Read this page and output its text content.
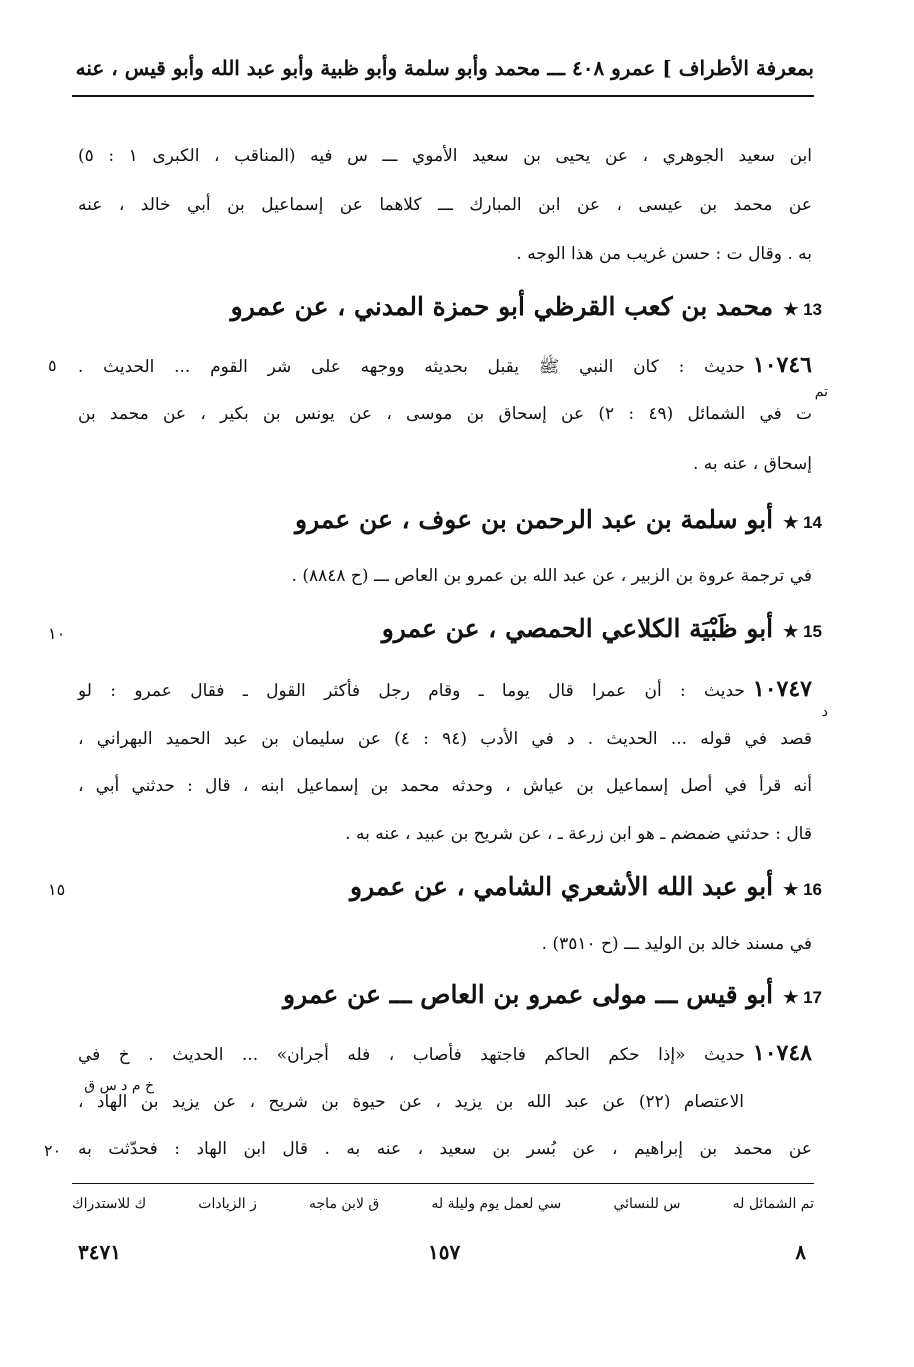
بمعرفة الأطراف ] عمرو ٤٠٨ ـــ محمد وأبو سلمة وأبو ظبية وأبو عبد الله وأبو قيس ، عنه
ابن سعيد الجوهري ، عن يحيى بن سعيد الأموي ـــ س فيه (المناقب ، الكبرى ١ : ٥)
عن محمد بن عيسى ، عن ابن المبارك ـــ كلاهما عن إسماعيل بن أبي خالد ، عنه
به . وقال ت : حسن غريب من هذا الوجه .
13 ★محمد بن كعب القرظي أبو حمزة المدني ، عن عمرو
١٠٧٤٦حديث : كان النبي ﷺ يقبل بحديثه ووجهه على شر القوم ... الحديث .
تم
٥
ت في الشمائل (٤٩ : ٢) عن إسحاق بن موسى ، عن يونس بن بكير ، عن محمد بن
إسحاق ، عنه به .
14 ★أبو سلمة بن عبد الرحمن بن عوف ، عن عمرو
في ترجمة عروة بن الزبير ، عن عبد الله بن عمرو بن العاص ـــ (ح ٨٨٤٨) .
15 ★أبو ظَبْيَة الكلاعي الحمصي ، عن عمرو
١٠
١٠٧٤٧حديث : أن عمرا قال يوما ـ وقام رجل فأكثر القول ـ فقال عمرو : لو
د
قصد في قوله ... الحديث . د في الأدب (٩٤ : ٤) عن سليمان بن عبد الحميد البهراني ،
أنه قرأ في أصل إسماعيل بن عياش ، وحدثه محمد بن إسماعيل ابنه ، قال : حدثني أبي ،
قال : حدثني ضمضم ـ هو ابن زرعة ـ ، عن شريح بن عبيد ، عنه به .
16 ★أبو عبد الله الأشعري الشامي ، عن عمرو
١٥
في مسند خالد بن الوليد ـــ (ح ٣٥١٠) .
17 ★أبو قيس ـــ مولى عمرو بن العاص ـــ عن عمرو
١٠٧٤٨حديث «إذا حكم الحاكم فاجتهد فأصاب ، فله أجران» ... الحديث . خ في
خ م د س ق
الاعتصام (٢٢) عن عبد الله بن يزيد ، عن حيوة بن شريح ، عن يزيد بن الهاد ،
عن محمد بن إبراهيم ، عن بُسر بن سعيد ، عنه به . قال ابن الهاد : فحدّثت به
٢٠
تم الشمائل له
س للنسائي
سي لعمل يوم وليلة له
ق لابن ماجه
ز الزيادات
ك للاستدراك
٨
١٥٧
٣٤٧١
